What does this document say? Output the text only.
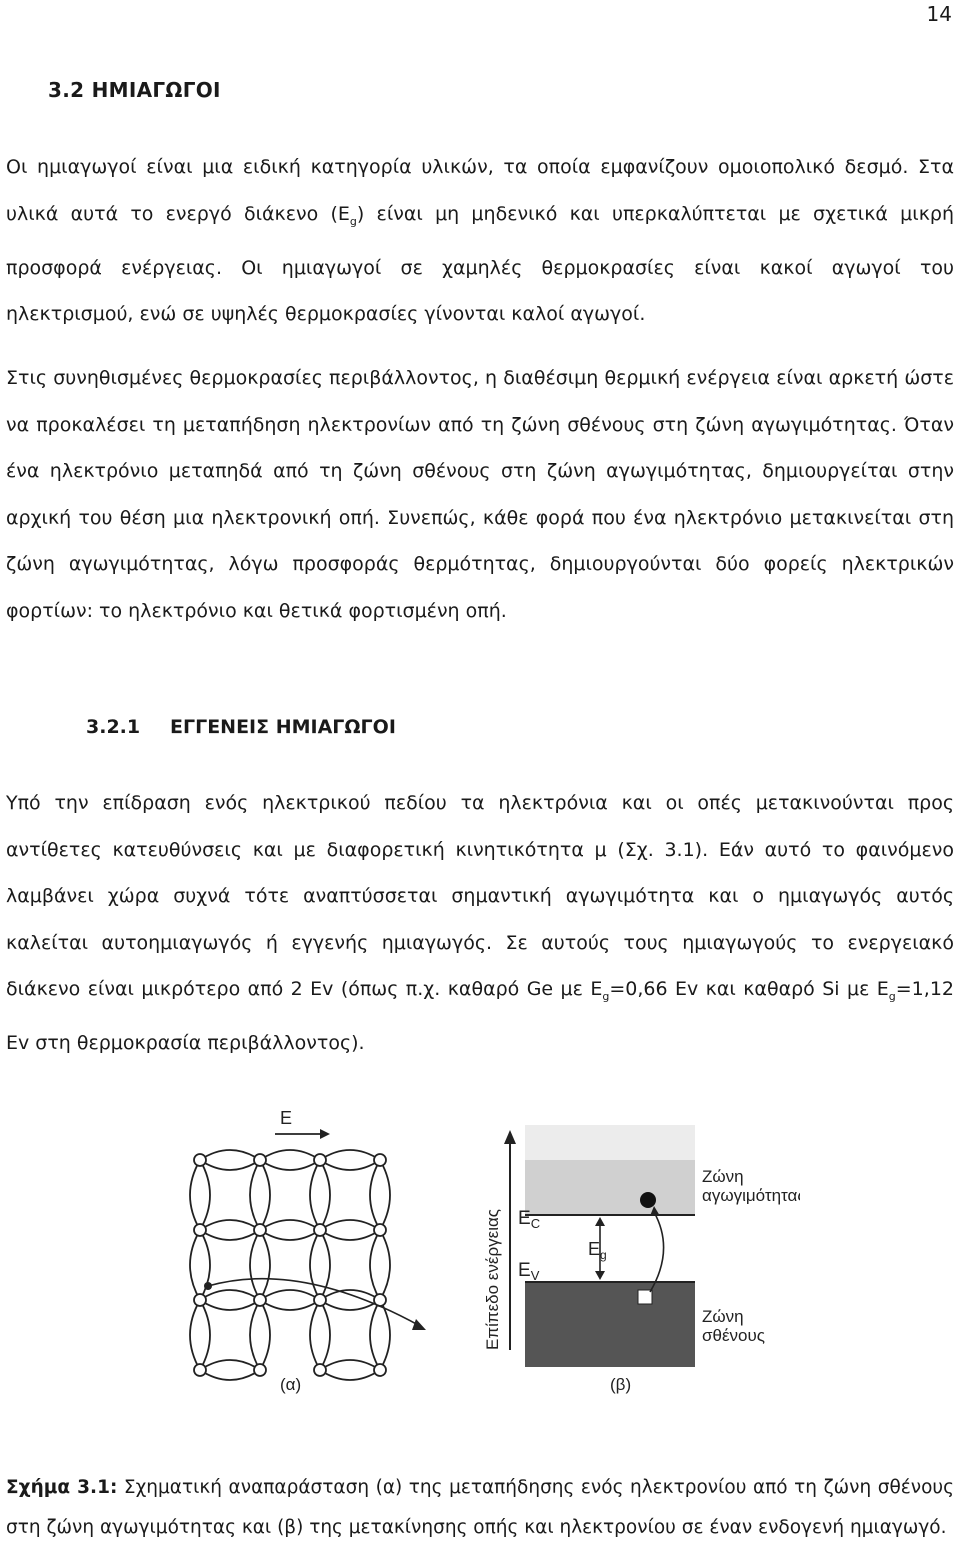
14
3.2 ΗΜΙΑΓΩΓΟΙ

Οι ημιαγωγοί είναι μια ειδική κατηγορία υλικών, τα οποία εμφανίζουν ομοιοπολικό δεσμό. Στα υλικά αυτά το ενεργό διάκενο $(E_g)$ είναι μη μηδενικό και υπερκαλύπτεται με σχετικά μικρή προσφορά ενέργειας. Οι ημιαγωγοί σε χαμηλές θερμοκρασίες είναι κακοί αγωγοί του ηλεκτρισμού, ενώ σε υψηλές θερμοκρασίες γίνονται καλοί αγωγοί.

Στις συνηθισμένες θερμοκρασίες περιβάλλοντος, η διαθέσιμη θερμική ενέργεια είναι αρκετή ώστε να προκαλέσει τη μεταπήδηση ηλεκτρονίων από τη ζώνη σθένους στη ζώνη αγωγιμότητας. Όταν ένα ηλεκτρόνιο μεταπηδά από τη ζώνη σθένους στη ζώνη αγωγιμότητας, δημιουργείται στην αρχική του θέση μια ηλεκτρονική οπή. Συνεπώς, κάθε φορά που ένα ηλεκτρόνιο μετακινείται στη ζώνη αγωγιμότητας, λόγω προσφοράς θερμότητας, δημιουργούνται δύο φορείς ηλεκτρικών φορτίων: το ηλεκτρόνιο και θετικά φορτισμένη οπή.

3.2.1 ΕΓΓΕΝΕΙΣ ΗΜΙΑΓΩΓΟΙ

Υπό την επίδραση ενός ηλεκτρικού πεδίου τα ηλεκτρόνια και οι οπές μετακινούνται προς αντίθετες κατευθύνσεις και με διαφορετική κινητικότητα μ (Σχ. 3.1). Εάν αυτό το φαινόμενο λαμβάνει χώρα συχνά τότε αναπτύσσεται σημαντική αγωγιμότητα και ο ημιαγωγός αυτός καλείται αυτοημιαγωγός ή εγγενής ημιαγωγός. Σε αυτούς τους ημιαγωγούς το ενεργειακό διάκενο είναι μικρότερο από 2 Εv (όπως π.χ. καθαρό Ge με $E_g=0,66$ Εv και καθαρό Si με $E_g=1,12$ Εv στη θερμοκρασία περιβάλλοντος).

E
(α)
Επίπεδο ενέργειας $E_C$
$E_V$
$E_g$
Ζώνη
αγωγιμότητας
Ζώνη
σθένους
(β)

Σχήμα 3.1: Σχηματική αναπαράσταση (α) της μεταπήδησης ενός ηλεκτρονίου από τη ζώνη σθένους στη ζώνη αγωγιμότητας και (β) της μετακίνησης οπής και ηλεκτρονίου σε έναν ενδογενή ημιαγωγό.
